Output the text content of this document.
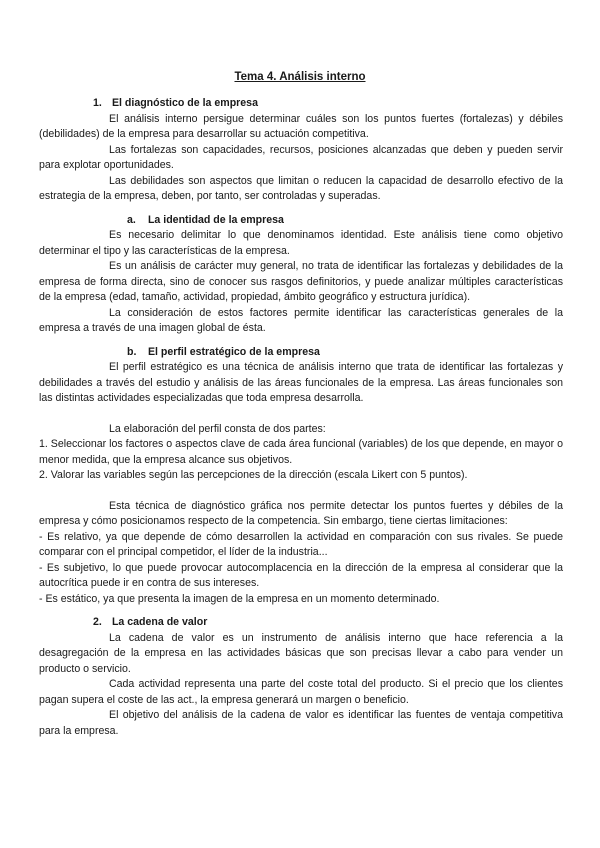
Tema 4. Análisis interno
1. El diagnóstico de la empresa

El análisis interno persigue determinar cuáles son los puntos fuertes (fortalezas) y débiles (debilidades) de la empresa para desarrollar su actuación competitiva.

Las fortalezas son capacidades, recursos, posiciones alcanzadas que deben y pueden servir para explotar oportunidades.

Las debilidades son aspectos que limitan o reducen la capacidad de desarrollo efectivo de la estrategia de la empresa, deben, por tanto, ser controladas y superadas.

a. La identidad de la empresa

Es necesario delimitar lo que denominamos identidad. Este análisis tiene como objetivo determinar el tipo y las características de la empresa.

Es un análisis de carácter muy general, no trata de identificar las fortalezas y debilidades de la empresa de forma directa, sino de conocer sus rasgos definitorios, y puede analizar múltiples características de la empresa (edad, tamaño, actividad, propiedad, ámbito geográfico y estructura jurídica).

La consideración de estos factores permite identificar las características generales de la empresa a través de una imagen global de ésta.

b. El perfil estratégico de la empresa

El perfil estratégico es una técnica de análisis interno que trata de identificar las fortalezas y debilidades a través del estudio y análisis de las áreas funcionales de la empresa. Las áreas funcionales son las distintas actividades especializadas que toda empresa desarrolla.

La elaboración del perfil consta de dos partes:

1. Seleccionar los factores o aspectos clave de cada área funcional (variables) de los que depende, en mayor o menor medida, que la empresa alcance sus objetivos.

2. Valorar las variables según las percepciones de la dirección (escala Likert con 5 puntos).

Esta técnica de diagnóstico gráfica nos permite detectar los puntos fuertes y débiles de la empresa y cómo posicionamos respecto de la competencia. Sin embargo, tiene ciertas limitaciones:

- Es relativo, ya que depende de cómo desarrollen la actividad en comparación con sus rivales. Se puede comparar con el principal competidor, el líder de la industria...

- Es subjetivo, lo que puede provocar autocomplacencia en la dirección de la empresa al considerar que la autocrítica puede ir en contra de sus intereses.

- Es estático, ya que presenta la imagen de la empresa en un momento determinado.

2. La cadena de valor

La cadena de valor es un instrumento de análisis interno que hace referencia a la desagregación de la empresa en las actividades básicas que son precisas llevar a cabo para vender un producto o servicio.

Cada actividad representa una parte del coste total del producto. Si el precio que los clientes pagan supera el coste de las act., la empresa generará un margen o beneficio.

El objetivo del análisis de la cadena de valor es identificar las fuentes de ventaja competitiva para la empresa.
